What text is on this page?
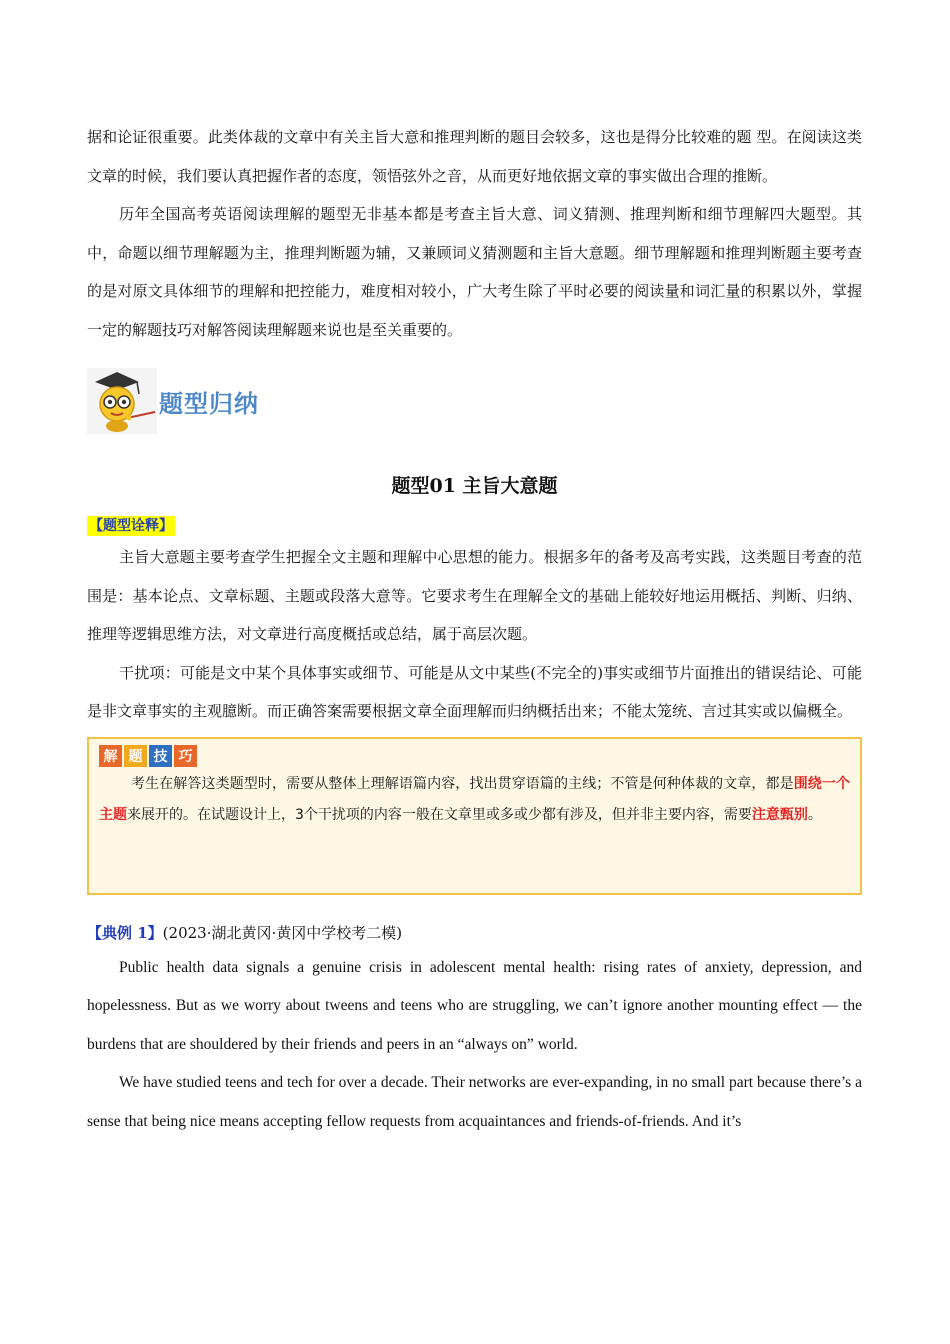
据和论证很重要。此类体裁的文章中有关主旨大意和推理判断的题目会较多，这也是得分比较难的题 型。在阅读这类文章的时候，我们要认真把握作者的态度，领悟弦外之音，从而更好地依据文章的事实做出合理的推断。

历年全国高考英语阅读理解的题型无非基本都是考查主旨大意、词义猜测、推理判断和细节理解四大题型。其中，命题以细节理解题为主，推理判断题为辅，又兼顾词义猜测题和主旨大意题。细节理解题和推理判断题主要考查的是对原文具体细节的理解和把控能力，难度相对较小，广大考生除了平时必要的阅读量和词汇量的积累以外，掌握一定的解题技巧对解答阅读理解题来说也是至关重要的。

题型归纳
题型01 主旨大意题

【题型诠释】

主旨大意题主要考查学生把握全文主题和理解中心思想的能力。根据多年的备考及高考实践，这类题目考查的范围是：基本论点、文章标题、主题或段落大意等。它要求考生在理解全文的基础上能较好地运用概括、判断、归纳、推理等逻辑思维方法，对文章进行高度概括或总结，属于高层次题。

干扰项：可能是文中某个具体事实或细节、可能是从文中某些(不完全的)事实或细节片面推出的错误结论、可能是非文章事实的主观臆断。而正确答案需要根据文章全面理解而归纳概括出来；不能太笼统、言过其实或以偏概全。

解 题 技 巧

考生在解答这类题型时，需要从整体上理解语篇内容，找出贯穿语篇的主线；不管是何种体裁的文章，都是围绕一个主题来展开的。在试题设计上，3个干扰项的内容一般在文章里或多或少都有涉及，但并非主要内容，需要注意甄别。

【典例 1】(2023·湖北黄冈·黄冈中学校考二模)

Public health data signals a genuine crisis in adolescent mental health: rising rates of anxiety, depression, and hopelessness. But as we worry about tweens and teens who are struggling, we can’t ignore another mounting effect — the burdens that are shouldered by their friends and peers in an “always on” world.

We have studied teens and tech for over a decade. Their networks are ever-expanding, in no small part because there’s a sense that being nice means accepting fellow requests from acquaintances and friends-of-friends. And it’s
